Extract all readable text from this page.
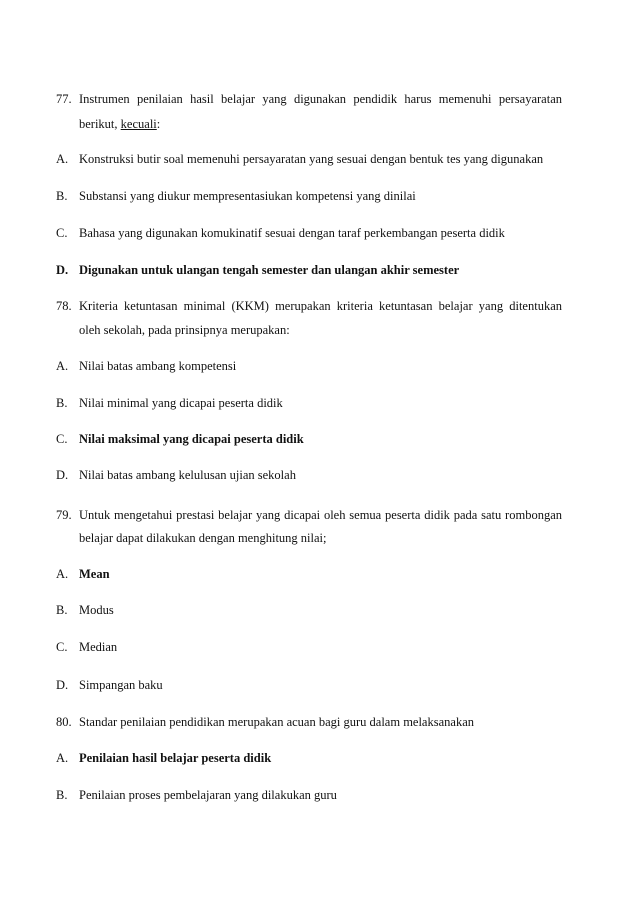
77. Instrumen penilaian hasil belajar yang digunakan pendidik harus memenuhi persayaratan
berikut, kecuali:
A. Konstruksi butir soal memenuhi persayaratan yang sesuai dengan bentuk tes yang digunakan
B. Substansi yang diukur mempresentasiukan kompetensi yang dinilai
C. Bahasa yang digunakan komukinatif sesuai dengan taraf perkembangan peserta didik
D. Digunakan untuk ulangan tengah semester dan ulangan akhir semester
78. Kriteria ketuntasan minimal (KKM) merupakan kriteria ketuntasan belajar yang ditentukan
oleh sekolah, pada prinsipnya merupakan:
A. Nilai batas ambang kompetensi
B. Nilai minimal yang dicapai peserta didik
C. Nilai maksimal yang dicapai peserta didik
D. Nilai batas ambang kelulusan ujian sekolah
79. Untuk mengetahui prestasi belajar yang dicapai oleh semua peserta didik pada satu rombongan
belajar dapat dilakukan dengan menghitung nilai;
A. Mean
B. Modus
C. Median
D. Simpangan baku
80. Standar penilaian pendidikan merupakan acuan bagi guru dalam melaksanakan
A. Penilaian hasil belajar peserta didik
B. Penilaian proses pembelajaran yang dilakukan guru
